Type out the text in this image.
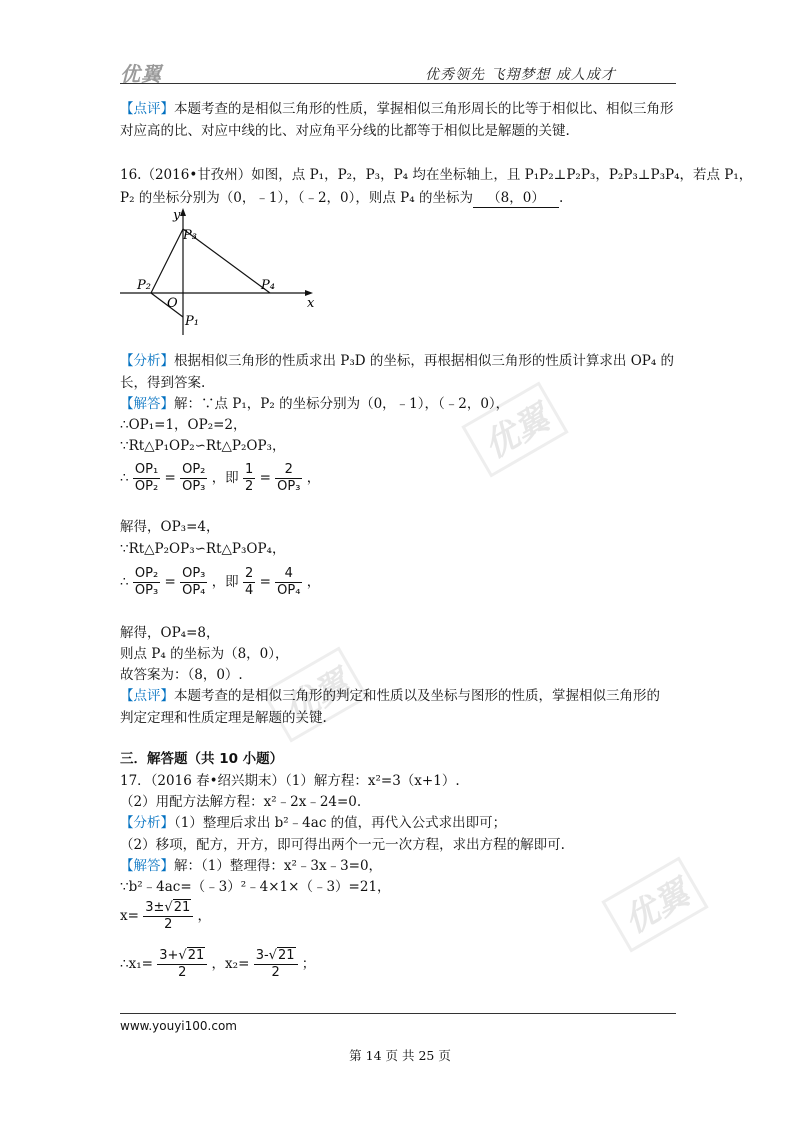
优翼	优秀领先 飞翔梦想 成人成才
优翼
优翼
优翼
【点评】本题考查的是相似三角形的性质，掌握相似三角形周长的比等于相似比、相似三角形
对应高的比、对应中线的比、对应角平分线的比都等于相似比是解题的关键.
16.（2016•甘孜州）如图，点 P₁，P₂，P₃，P₄ 均在坐标轴上，且 P₁P₂⊥P₂P₃，P₂P₃⊥P₃P₄，若点 P₁，
P₂ 的坐标分别为（0，﹣1），（﹣2，0），则点 P₄ 的坐标为 （8，0） .
y
P₃
P₂	P₄
O
P₁
x
【分析】根据相似三角形的性质求出 P₃D 的坐标，再根据相似三角形的性质计算求出 OP₄ 的
长，得到答案.
【解答】解：∵点 P₁，P₂ 的坐标分别为（0，﹣1），（﹣2，0），
∴OP₁=1，OP₂=2，
∵Rt△P₁OP₂∽Rt△P₂OP₃，
∴ $\frac{\text{OP₁}}{\text{OP₂}} = \frac{\text{OP₂}}{\text{OP₃}}$ ，即 $\frac{1}{2} = \frac{2}{\text{OP₃}}$ ，
解得，OP₃=4，
∵Rt△P₂OP₃∽Rt△P₃OP₄，
∴ $\frac{\text{OP₂}}{\text{OP₃}} = \frac{\text{OP₃}}{\text{OP₄}}$ ，即 $\frac{2}{4} = \frac{4}{\text{OP₄}}$ ，
解得，OP₄=8，
则点 P₄ 的坐标为（8，0），
故答案为：（8，0）.
【点评】本题考查的是相似三角形的判定和性质以及坐标与图形的性质，掌握相似三角形的
判定定理和性质定理是解题的关键.
三．解答题（共 10 小题）
17．（2016 春•绍兴期末）（1）解方程：x²=3（x+1）.
（2）用配方法解方程：x²﹣2x﹣24=0.
【分析】（1）整理后求出 b²﹣4ac 的值，再代入公式求出即可；
（2）移项，配方，开方，即可得出两个一元一次方程，求出方程的解即可.
【解答】解：（1）整理得：x²﹣3x﹣3=0，
∵b²﹣4ac=（﹣3）²﹣4×1×（﹣3）=21，
$x= \frac{3\pm√21}{2}$ ，
∴x₁= $\frac{3+√21}{2}$ ，$x_2= \frac{3-√21}{2}$ ；
www.youyi100.com
第 14 页 共 25 页
